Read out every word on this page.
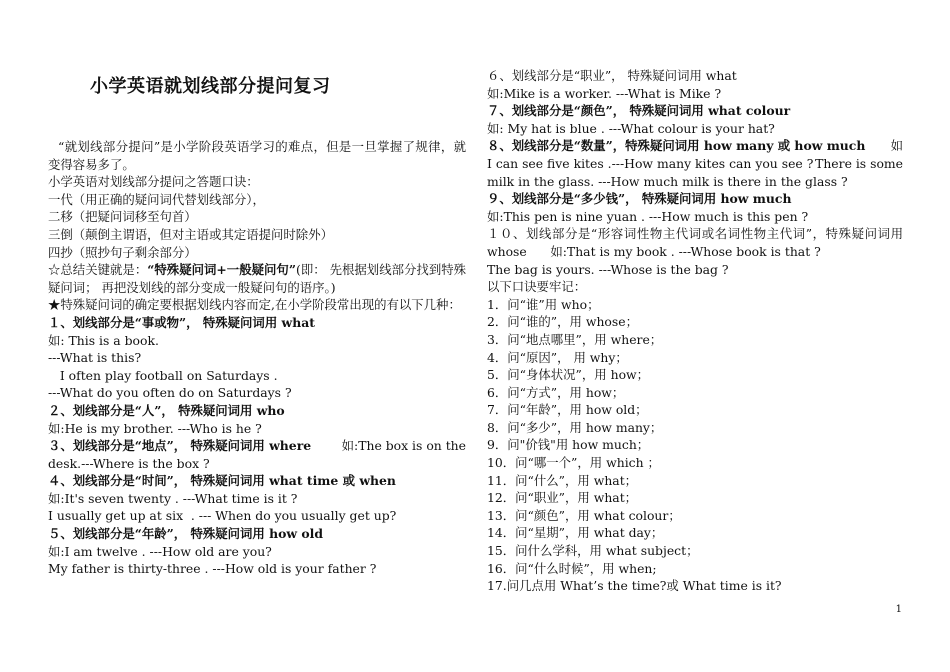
小学英语就划线部分提问复习
“就划线部分提问”是小学阶段英语学习的难点，但是一旦掌握了规律，就变得容易多了。
小学英语对划线部分提问之答题口诀：
一代（用正确的疑问词代替划线部分），
二移（把疑问词移至句首）
三倒（颠倒主谓语，但对主语或其定语提问时除外）
四抄（照抄句子剩余部分）
☆总结关键就是：“特殊疑问词+一般疑问句”(即： 先根据划线部分找到特殊疑问词； 再把没划线的部分变成一般疑问句的语序。)
★特殊疑问词的确定要根据划线内容而定,在小学阶段常出现的有以下几种：
１、划线部分是“事或物”， 特殊疑问词用 what
如: This is a book.
---What is this?
I often play football on Saturdays .
---What do you often do on Saturdays ?
２、划线部分是“人”， 特殊疑问词用 who
如:He is my brother. ---Who is he ?
３、划线部分是“地点”， 特殊疑问词用 where 如:The box is on the
desk.---Where is the box ?
４、划线部分是“时间”， 特殊疑问词用 what time 或 when
如:It's seven twenty . ---What time is it ?
I usually get up at six  . --- When do you usually get up?
５、划线部分是“年龄”， 特殊疑问词用 how old
如:I am twelve . ---How old are you?
My father is thirty-three . ---How old is your father ?
６、划线部分是“职业”， 特殊疑问词用 what
如:Mike is a worker. ---What is Mike ?
７、划线部分是“颜色”， 特殊疑问词用 what colour
如: My hat is blue . ---What colour is your hat?
８、划线部分是“数量”，特殊疑问词用 how many 或 how much 如
I can see five kites .---How many kites can you see ? There is some
milk in the glass. ---How much milk is there in the glass ?
９、划线部分是“多少钱”， 特殊疑问词用 how much
如:This pen is nine yuan . ---How much is this pen ?
１０、划线部分是“形容词性物主代词或名词性物主代词”，特殊疑问词用 whose      如:That is my book . ---Whose book is that ?
The bag is yours. ---Whose is the bag ?
以下口诀要牢记：
1．问“谁”用 who；
2．问“谁的”，用 whose；
3．问“地点哪里”，用 where；
4．问“原因”， 用 why；
5．问“身体状况”，用 how；
6．问“方式”，用 how；
7．问“年龄”，用 how old；
8．问“多少”，用 how many；
9．问"价钱"用 how much；
10．问“哪一个”，用 which ；
11．问“什么”，用 what；
12．问“职业”，用 what；
13．问“颜色”，用 what colour；
14．问“星期”，用 what day；
15．问什么学科，用 what subject；
16．问“什么时候”，用 when;
17.问几点用 What’s the time?或 What time is it?
1
